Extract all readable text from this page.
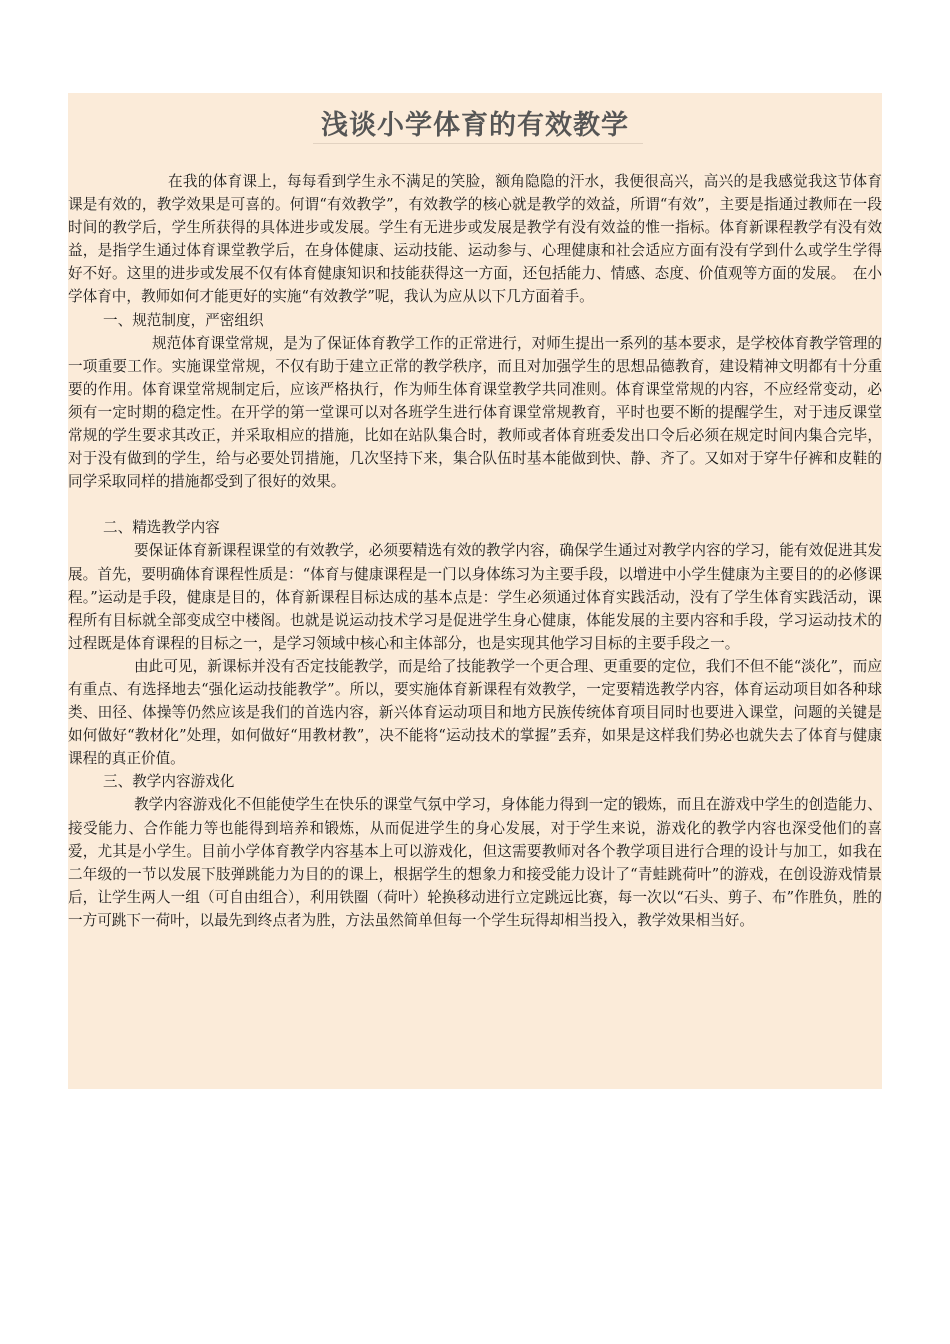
浅谈小学体育的有效教学

在我的体育课上，每每看到学生永不满足的笑脸，额角隐隐的汗水，我便很高兴，高兴的是我感觉我这节体育课是有效的，教学效果是可喜的。何谓“有效教学”，有效教学的核心就是教学的效益，所谓“有效”，主要是指通过教师在一段时间的教学后，学生所获得的具体进步或发展。学生有无进步或发展是教学有没有效益的惟一指标。体育新课程教学有没有效益，是指学生通过体育课堂教学后，在身体健康、运动技能、运动参与、心理健康和社会适应方面有没有学到什么或学生学得好不好。这里的进步或发展不仅有体育健康知识和技能获得这一方面，还包括能力、情感、态度、价值观等方面的发展。　在小学体育中，教师如何才能更好的实施“有效教学”呢，我认为应从以下几方面着手。

一、规范制度，严密组织

规范体育课堂常规，是为了保证体育教学工作的正常进行，对师生提出一系列的基本要求，是学校体育教学管理的一项重要工作。实施课堂常规，不仅有助于建立正常的教学秩序，而且对加强学生的思想品德教育，建设精神文明都有十分重要的作用。体育课堂常规制定后，应该严格执行，作为师生体育课堂教学共同准则。体育课堂常规的内容，不应经常变动，必须有一定时期的稳定性。在开学的第一堂课可以对各班学生进行体育课堂常规教育，平时也要不断的提醒学生，对于违反课堂常规的学生要求其改正，并采取相应的措施，比如在站队集合时，教师或者体育班委发出口令后必须在规定时间内集合完毕，对于没有做到的学生，给与必要处罚措施，几次坚持下来，集合队伍时基本能做到快、静、齐了。又如对于穿牛仔裤和皮鞋的同学采取同样的措施都受到了很好的效果。

二、精选教学内容

要保证体育新课程课堂的有效教学，必须要精选有效的教学内容，确保学生通过对教学内容的学习，能有效促进其发展。首先，要明确体育课程性质是：“体育与健康课程是一门以身体练习为主要手段，以增进中小学生健康为主要目的的必修课程。”运动是手段，健康是目的，体育新课程目标达成的基本点是：学生必须通过体育实践活动，没有了学生体育实践活动，课程所有目标就全部变成空中楼阁。也就是说运动技术学习是促进学生身心健康，体能发展的主要内容和手段，学习运动技术的过程既是体育课程的目标之一，是学习领域中核心和主体部分，也是实现其他学习目标的主要手段之一。

由此可见，新课标并没有否定技能教学，而是给了技能教学一个更合理、更重要的定位，我们不但不能“淡化”，而应有重点、有选择地去“强化运动技能教学”。所以，要实施体育新课程有效教学，一定要精选教学内容，体育运动项目如各种球类、田径、体操等仍然应该是我们的首选内容，新兴体育运动项目和地方民族传统体育项目同时也要进入课堂，问题的关键是如何做好“教材化”处理，如何做好“用教材教”，决不能将“运动技术的掌握”丢弃，如果是这样我们势必也就失去了体育与健康课程的真正价值。

三、教学内容游戏化

教学内容游戏化不但能使学生在快乐的课堂气氛中学习，身体能力得到一定的锻炼，而且在游戏中学生的创造能力、接受能力、合作能力等也能得到培养和锻炼，从而促进学生的身心发展，对于学生来说，游戏化的教学内容也深受他们的喜爱，尤其是小学生。目前小学体育教学内容基本上可以游戏化，但这需要教师对各个教学项目进行合理的设计与加工，如我在二年级的一节以发展下肢弹跳能力为目的的课上，根据学生的想象力和接受能力设计了“青蛙跳荷叶”的游戏，在创设游戏情景后，让学生两人一组（可自由组合），利用铁圈（荷叶）轮换移动进行立定跳远比赛，每一次以“石头、剪子、布”作胜负，胜的一方可跳下一荷叶，以最先到终点者为胜，方法虽然简单但每一个学生玩得却相当投入，教学效果相当好。
